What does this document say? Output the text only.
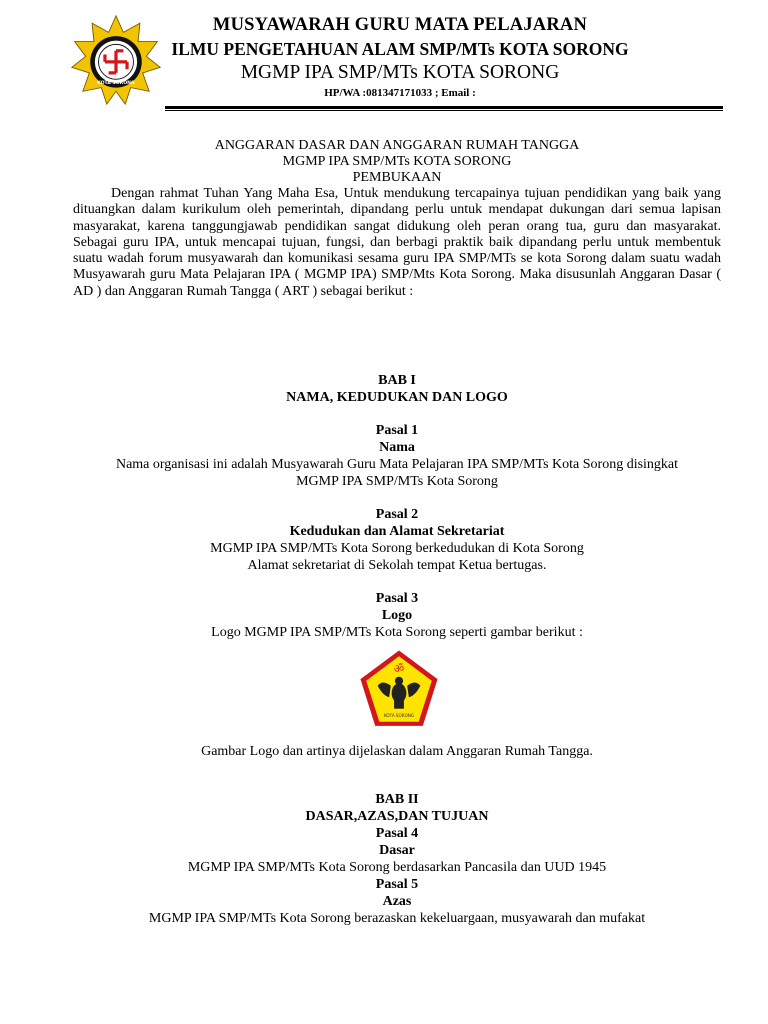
KOTA SORONG
MUSYAWARAH GURU MATA PELAJARAN
ILMU PENGETAHUAN ALAM SMP/MTs KOTA SORONG
MGMP IPA SMP/MTs KOTA SORONG
HP/WA :081347171033 ; Email :
ANGGARAN DASAR DAN ANGGARAN RUMAH TANGGA
MGMP IPA SMP/MTs KOTA SORONG
PEMBUKAAN
Dengan rahmat Tuhan Yang Maha Esa, Untuk mendukung tercapainya tujuan pendidikan yang baik yang dituangkan dalam kurikulum oleh pemerintah, dipandang perlu untuk mendapat dukungan dari semua lapisan masyarakat, karena tanggungjawab pendidikan sangat didukung oleh peran orang tua, guru dan masyarakat. Sebagai guru IPA, untuk mencapai tujuan, fungsi, dan berbagi praktik baik dipandang perlu untuk membentuk suatu wadah forum musyawarah dan komunikasi sesama guru IPA SMP/MTs se kota Sorong dalam suatu wadah Musyawarah guru Mata Pelajaran IPA ( MGMP IPA) SMP/Mts Kota Sorong. Maka disusunlah Anggaran Dasar ( AD ) dan Anggaran Rumah Tangga ( ART ) sebagai berikut :
BAB I
NAMA, KEDUDUKAN DAN LOGO
Pasal 1
Nama
Nama organisasi ini adalah Musyawarah Guru Mata Pelajaran IPA SMP/MTs Kota Sorong disingkat
MGMP IPA SMP/MTs Kota Sorong
Pasal 2
Kedudukan dan Alamat Sekretariat
MGMP IPA SMP/MTs Kota Sorong berkedudukan di Kota Sorong
Alamat sekretariat di Sekolah tempat Ketua bertugas.
Pasal 3
Logo
Logo MGMP IPA SMP/MTs Kota Sorong seperti gambar berikut :
ॐ
KOTA SORONG
Gambar Logo dan artinya dijelaskan dalam Anggaran Rumah Tangga.
BAB II
DASAR,AZAS,DAN TUJUAN
Pasal 4
Dasar
MGMP IPA SMP/MTs Kota Sorong berdasarkan Pancasila dan UUD 1945
Pasal 5
Azas
MGMP IPA SMP/MTs Kota Sorong berazaskan kekeluargaan, musyawarah dan mufakat
